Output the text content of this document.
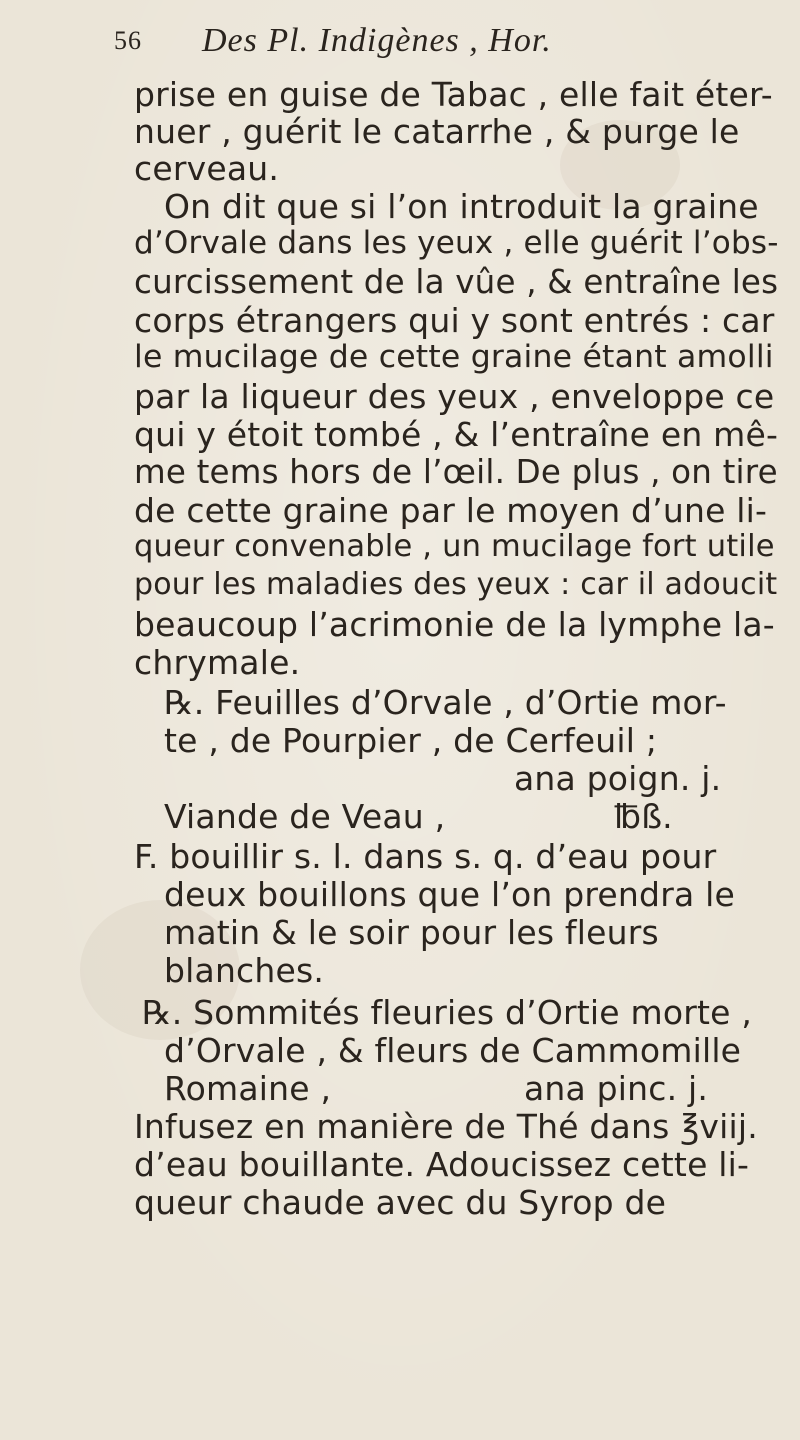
56 Des Pl. Indigènes , Hor.
prise en guise de Tabac , elle fait éter-
nuer , guérit le catarrhe , & purge le
cerveau.
On dit que si l’on introduit la graine
d’Orvale dans les yeux , elle guérit l’obs-
curcissement de la vûe , & entraîne les
corps étrangers qui y sont entrés : car
le mucilage de cette graine étant amolli
par la liqueur des yeux , enveloppe ce
qui y étoit tombé , & l’entraîne en mê-
me tems hors de l’œil. De plus , on tire
de cette graine par le moyen d’une li-
queur convenable , un mucilage fort utile
pour les maladies des yeux : car il adoucit
beaucoup l’acrimonie de la lymphe la-
chrymale.
℞. Feuilles d’Orvale , d’Ortie mor-
te , de Pourpier , de Cerfeuil ;
ana poign. j.
Viande de Veau ,	℔ß.
F. bouillir s. l. dans s. q. d’eau pour
deux bouillons que l’on prendra le
matin & le soir pour les fleurs
blanches.
℞. Sommités fleuries d’Ortie morte ,
d’Orvale , & fleurs de Cammomille
Romaine ,	ana pinc. j.
Infusez en manière de Thé dans ℥viij.
d’eau bouillante. Adoucissez cette li-
queur chaude avec du Syrop de
